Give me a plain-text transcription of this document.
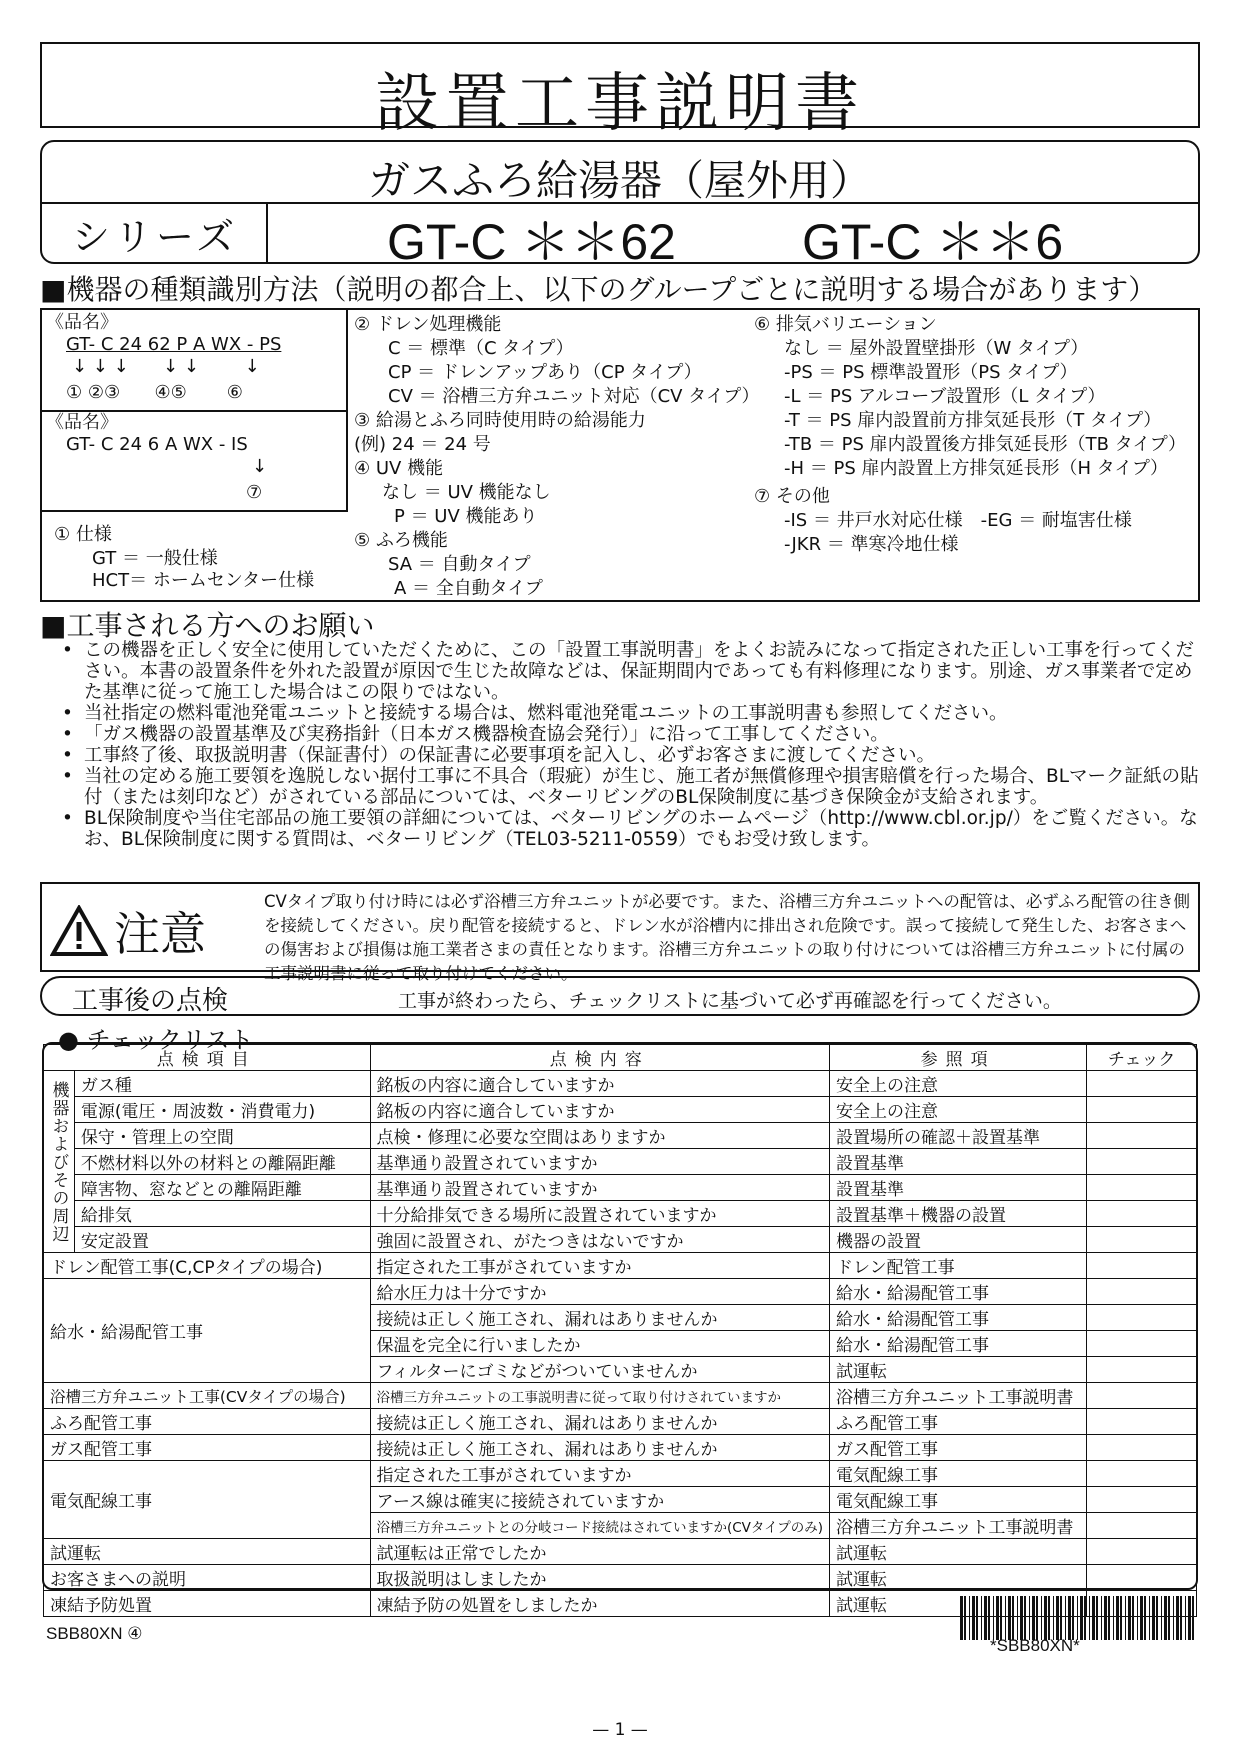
設置工事説明書
ガスふろ給湯器（屋外用）
シリーズ	GT-C ＊＊62	GT-C ＊＊6
■機器の種類識別方法（説明の都合上、以下のグループごとに説明する場合があります）
《品名》
GT- C 24 62 P A WX - PS
↓ ↓ ↓      ↓ ↓        ↓
① ②③      ④⑤       ⑥
《品名》
GT- C 24 6 A WX - IS
↓
⑦
① 仕様
GT ＝ 一般仕様
HCT＝ ホームセンター仕様
② ドレン処理機能
C ＝ 標準（C タイプ）
CP ＝ ドレンアップあり（CP タイプ）
CV ＝ 浴槽三方弁ユニット対応（CV タイプ）
③ 給湯とふろ同時使用時の給湯能力
(例) 24 ＝ 24 号
④ UV 機能
なし ＝ UV 機能なし
P ＝ UV 機能あり
⑤ ふろ機能
SA ＝ 自動タイプ
A ＝ 全自動タイプ
⑥ 排気バリエーション
なし ＝ 屋外設置壁掛形（W タイプ）
-PS ＝ PS 標準設置形（PS タイプ）
-L ＝ PS アルコーブ設置形（L タイプ）
-T ＝ PS 扉内設置前方排気延長形（T タイプ）
-TB ＝ PS 扉内設置後方排気延長形（TB タイプ）
-H ＝ PS 扉内設置上方排気延長形（H タイプ）
⑦ その他
-IS ＝ 井戸水対応仕様　-EG ＝ 耐塩害仕様
-JKR ＝ 準寒冷地仕様
■工事される方へのお願い
• この機器を正しく安全に使用していただくために、この「設置工事説明書」をよくお読みになって指定された正しい工事を行ってください。本書の設置条件を外れた設置が原因で生じた故障などは、保証期間内であっても有料修理になります。別途、ガス事業者で定めた基準に従って施工した場合はこの限りではない。
• 当社指定の燃料電池発電ユニットと接続する場合は、燃料電池発電ユニットの工事説明書も参照してください。
• 「ガス機器の設置基準及び実務指針（日本ガス機器検査協会発行）」に沿って工事してください。
• 工事終了後、取扱説明書（保証書付）の保証書に必要事項を記入し、必ずお客さまに渡してください。
• 当社の定める施工要領を逸脱しない据付工事に不具合（瑕疵）が生じ、施工者が無償修理や損害賠償を行った場合、BLマーク証紙の貼付（または刻印など）がされている部品については、ベターリビングのBL保険制度に基づき保険金が支給されます。
• BL保険制度や当住宅部品の施工要領の詳細については、ベターリビングのホームページ（http://www.cbl.or.jp/）をご覧ください。なお、BL保険制度に関する質問は、ベターリビング（TEL03-5211-0559）でもお受け致します。
注意
CVタイプ取り付け時には必ず浴槽三方弁ユニットが必要です。また、浴槽三方弁ユニットへの配管は、必ずふろ配管の往き側を接続してください。戻り配管を接続すると、ドレン水が浴槽内に排出され危険です。誤って接続して発生した、お客さまへの傷害および損傷は施工業者さまの責任となります。浴槽三方弁ユニットの取り付けについては浴槽三方弁ユニットに付属の工事説明書に従って取り付けてください。
工事後の点検	工事が終わったら、チェックリストに基づいて必ず再確認を行ってください。
● チェックリスト
点検項目		点検内容	参照項	チェック
機器およびその周辺	ガス種	銘板の内容に適合していますか	安全上の注意	
	電源(電圧・周波数・消費電力)	銘板の内容に適合していますか	安全上の注意	
	保守・管理上の空間	点検・修理に必要な空間はありますか	設置場所の確認＋設置基準	
	不燃材料以外の材料との離隔距離	基準通り設置されていますか	設置基準	
	障害物、窓などとの離隔距離	基準通り設置されていますか	設置基準	
	給排気	十分給排気できる場所に設置されていますか	設置基準＋機器の設置	
	安定設置	強固に設置され、がたつきはないですか	機器の設置	
ドレン配管工事(C,CPタイプの場合)		指定された工事がされていますか	ドレン配管工事	
給水・給湯配管工事		給水圧力は十分ですか	給水・給湯配管工事	
		接続は正しく施工され、漏れはありませんか	給水・給湯配管工事	
		保温を完全に行いましたか	給水・給湯配管工事	
		フィルターにゴミなどがついていませんか	試運転	
浴槽三方弁ユニット工事(CVタイプの場合)		浴槽三方弁ユニットの工事説明書に従って取り付けされていますか	浴槽三方弁ユニット工事説明書	
ふろ配管工事		接続は正しく施工され、漏れはありませんか	ふろ配管工事	
ガス配管工事		接続は正しく施工され、漏れはありませんか	ガス配管工事	
電気配線工事		指定された工事がされていますか	電気配線工事	
		アース線は確実に接続されていますか	電気配線工事	
		浴槽三方弁ユニットとの分岐コード接続はされていますか(CVタイプのみ)	浴槽三方弁ユニット工事説明書	
試運転		試運転は正常でしたか	試運転	
お客さまへの説明		取扱説明はしましたか	試運転	
凍結予防処置		凍結予防の処置をしましたか	試運転	
*SBB80XN*
SBB80XN ④
— 1 —
